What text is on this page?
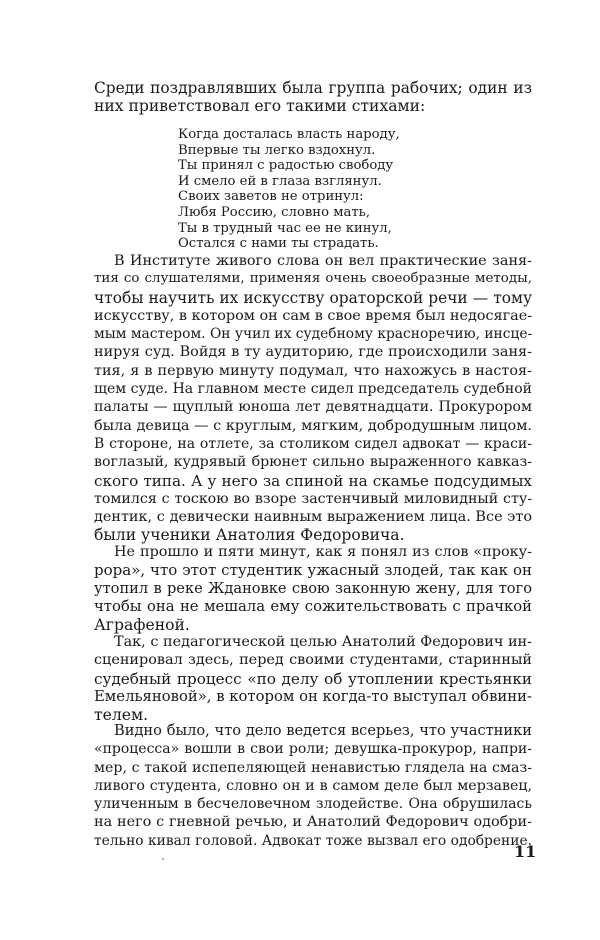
Среди поздравлявших была группа рабочих; один из
них приветствовал его такими стихами:

Когда досталась власть народу,
Впервые ты легко вздохнул.
Ты принял с радостью свободу
И смело ей в глаза взглянул.
Своих заветов не отринул:
Любя Россию, словно мать,
Ты в трудный час ее не кинул,
Остался с нами ты страдать.

В Институте живого слова он вел практические заня-
тия со слушателями, применяя очень своеобразные методы,
чтобы научить их искусству ораторской речи — тому
искусству, в котором он сам в свое время был недосягае-
мым мастером. Он учил их судебному красноречию, инсце-
нируя суд. Войдя в ту аудиторию, где происходили заня-
тия, я в первую минуту подумал, что нахожусь в настоя-
щем суде. На главном месте сидел председатель судебной
палаты — щуплый юноша лет девятнадцати. Прокурором
была девица — с круглым, мягким, добродушным лицом.
В стороне, на отлете, за столиком сидел адвокат — краси-
воглазый, кудрявый брюнет сильно выраженного кавказ-
ского типа. А у него за спиной на скамье подсудимых
томился с тоскою во взоре застенчивый миловидный сту-
дентик, с девически наивным выражением лица. Все это
были ученики Анатолия Федоровича.

Не прошло и пяти минут, как я понял из слов «проку-
рора», что этот студентик ужасный злодей, так как он
утопил в реке Ждановке свою законную жену, для того
чтобы она не мешала ему сожительствовать с прачкой
Аграфеной.

Так, с педагогической целью Анатолий Федорович ин-
сценировал здесь, перед своими студентами, старинный
судебный процесс «по делу об утоплении крестьянки
Емельяновой», в котором он когда-то выступал обвини-
телем.

Видно было, что дело ведется всерьез, что участники
«процесса» вошли в свои роли; девушка-прокурор, напри-
мер, с такой испепеляющей ненавистью глядела на смаз-
ливого студента, словно он и в самом деле был мерзавец,
уличенным в бесчеловечном злодействе. Она обрушилась
на него с гневной речью, и Анатолий Федорович одобри-
тельно кивал головой. Адвокат тоже вызвал его одобрение.

11
